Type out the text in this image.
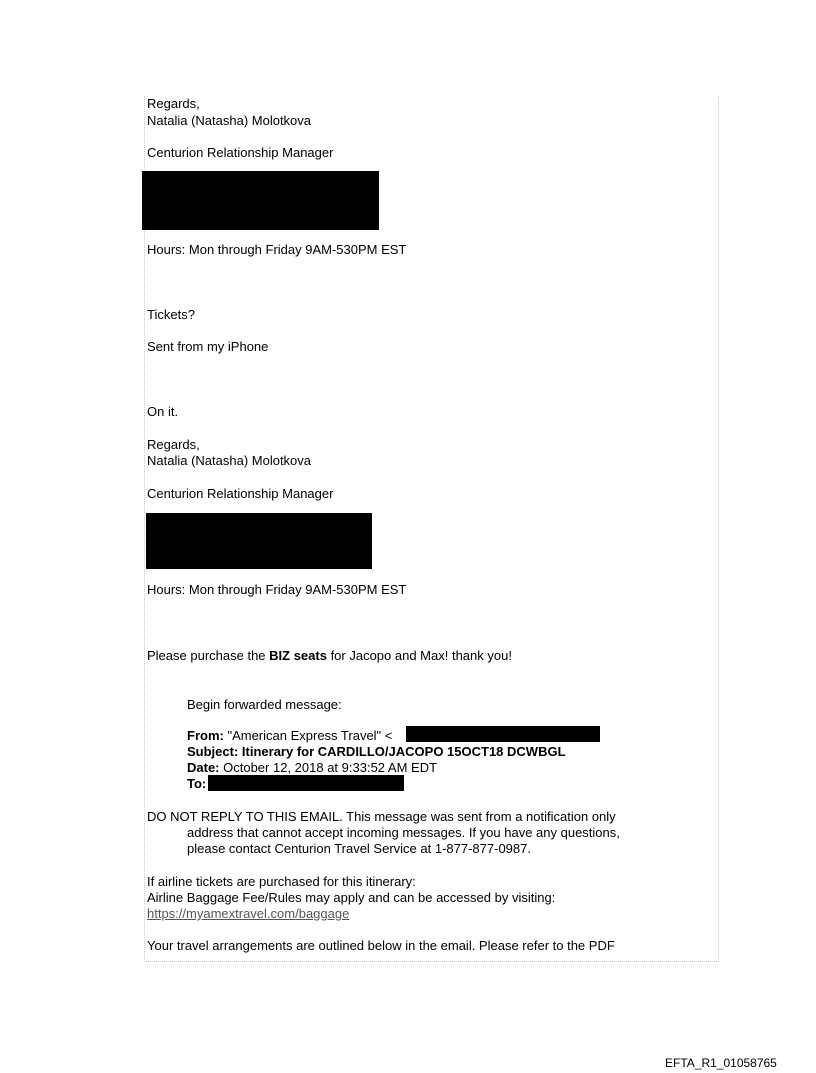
Regards,
Natalia (Natasha) Molotkova
Centurion Relationship Manager
Hours: Mon through Friday 9AM-530PM EST
Tickets?
Sent from my iPhone
On it.
Regards,
Natalia (Natasha) Molotkova
Centurion Relationship Manager
Hours: Mon through Friday 9AM-530PM EST
Please purchase the BIZ seats for Jacopo and Max! thank you!
Begin forwarded message:
From: "American Express Travel" <
Subject: Itinerary for CARDILLO/JACOPO 15OCT18 DCWBGL
Date: October 12, 2018 at 9:33:52 AM EDT
To:
DO NOT REPLY TO THIS EMAIL. This message was sent from a notification only
address that cannot accept incoming messages. If you have any questions,
please contact Centurion Travel Service at 1-877-877-0987.
If airline tickets are purchased for this itinerary:
Airline Baggage Fee/Rules may apply and can be accessed by visiting:
https://myamextravel.com/baggage
Your travel arrangements are outlined below in the email. Please refer to the PDF
EFTA_R1_01058765
